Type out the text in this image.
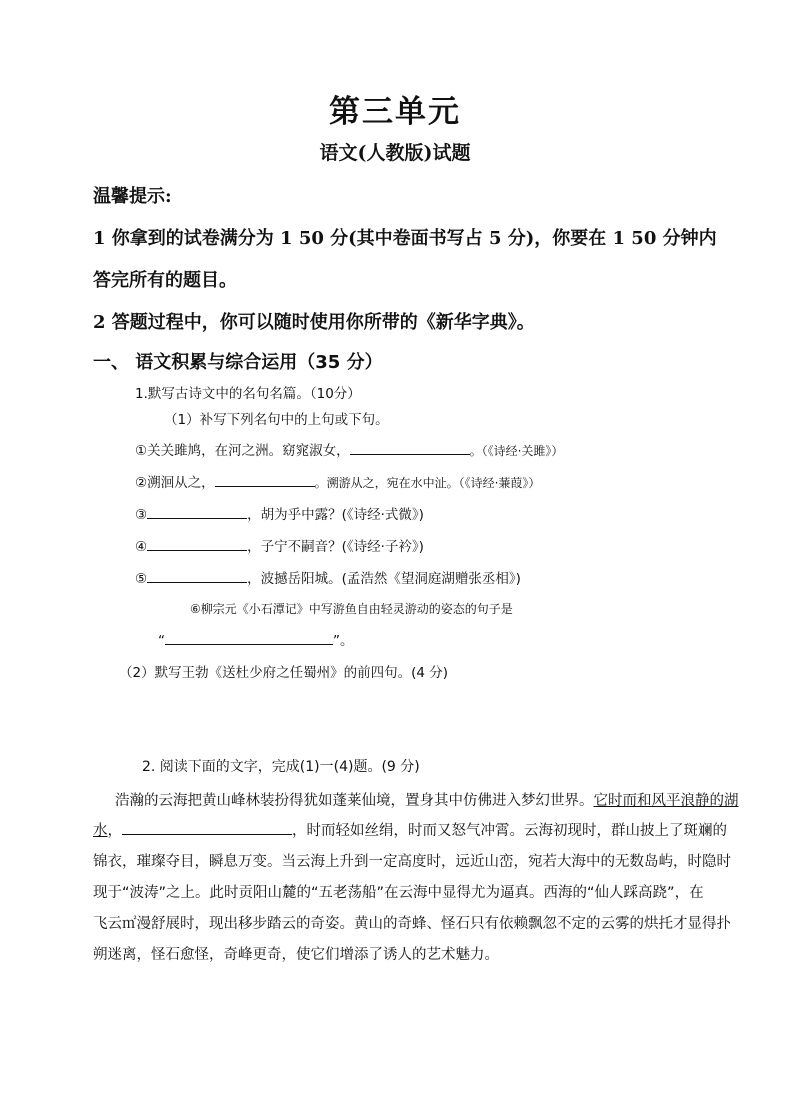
第三单元
语文(人教版)试题
温馨提示:
1 你拿到的试卷满分为 1 50 分(其中卷面书写占 5 分)，你要在 1 50 分钟内
答完所有的题目。
2 答题过程中，你可以随时使用你所带的《新华字典》。
一、 语文积累与综合运用（35 分）
1.默写古诗文中的名句名篇。（10分）
（1）补写下列名句中的上句或下句。
①关关雎鸠，在河之洲。窈窕淑女，	。（《诗经·关雎》）
②溯洄从之，	。溯游从之，宛在水中沚。（《诗经·蒹葭》）
③	，胡为乎中露？(《诗经·式微》)
④	，子宁不嗣音？(《诗经·子衿》)
⑤	，波撼岳阳城。(孟浩然《望洞庭湖赠张丞相》)
⑥柳宗元《小石潭记》中写游鱼自由轻灵游动的姿态的句子是
“	”。
（2）默写王勃《送杜少府之任蜀州》的前四句。(4 分)
2. 阅读下面的文字，完成(1)一(4)题。(9 分)
浩瀚的云海把黄山峰林装扮得犹如蓬莱仙境，置身其中仿佛进入梦幻世界。它时而和风平浪静的湖
水，	，时而轻如丝绢，时而又怒气冲霄。云海初现时，群山披上了斑斓的
锦衣，璀璨夺目，瞬息万变。当云海上升到一定高度时，远近山峦，宛若大海中的无数岛屿，时隐时
现于“波涛”之上。此时贡阳山麓的“五老荡船”在云海中显得尤为逼真。西海的“仙人踩高跷”，在
飞云㎡漫舒展时，现出移步踏云的奇姿。黄山的奇蜂、怪石只有依赖飘忽不定的云雾的烘托才显得扑
朔迷离，怪石愈怪，奇峰更奇，使它们增添了诱人的艺术魅力。
